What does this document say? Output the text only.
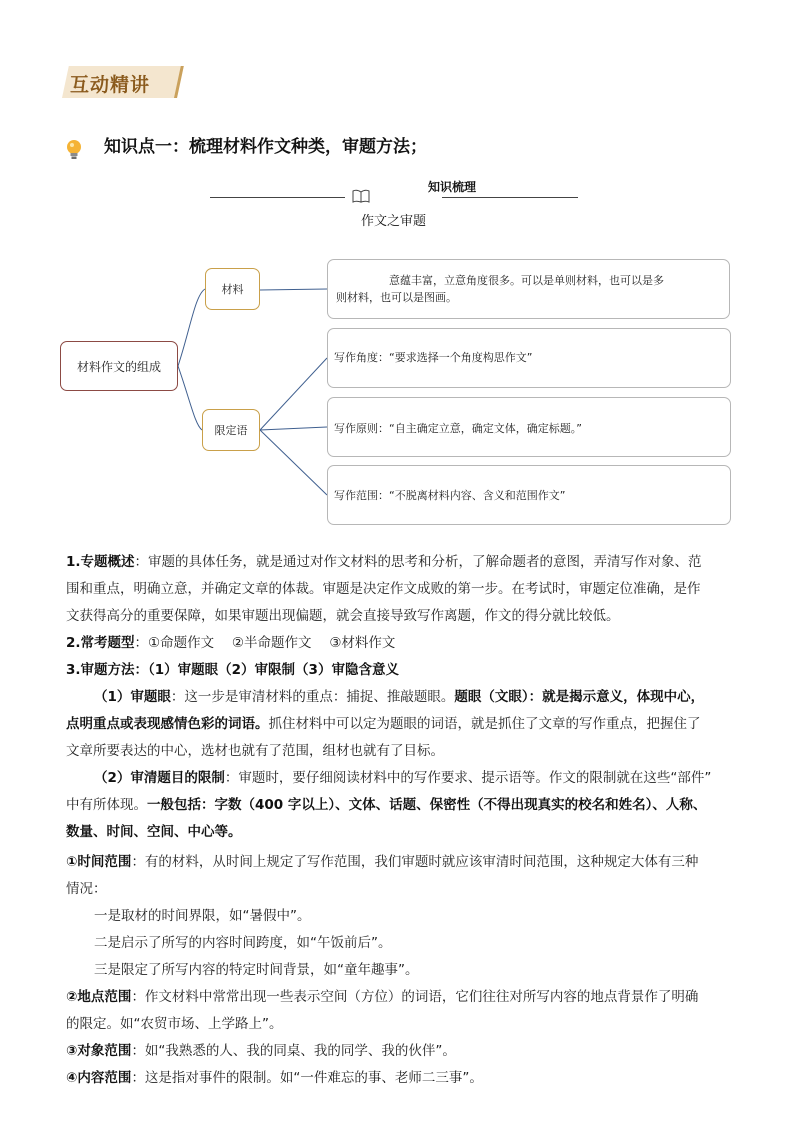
互动精讲
知识点一：梳理材料作文种类，审题方法；
知识梳理
作文之审题
材料作文的组成
材料
限定语
意蕴丰富，立意角度很多。可以是单则材料，也可以是多
则材料，也可以是图画。
写作角度：“要求选择一个角度构思作文”
写作原则：“自主确定立意，确定文体，确定标题。”
写作范围：“不脱离材料内容、含义和范围作文”
1.专题概述：审题的具体任务，就是通过对作文材料的思考和分析，了解命题者的意图，弄清写作对象、范
围和重点，明确立意，并确定文章的体裁。审题是决定作文成败的第一步。在考试时，审题定位准确，是作
文获得高分的重要保障，如果审题出现偏题，就会直接导致写作离题，作文的得分就比较低。
2.常考题型：①命题作文　 ②半命题作文　 ③材料作文
3.审题方法：（1）审题眼（2）审限制（3）审隐含意义
（1）审题眼：这一步是审清材料的重点：捕捉、推敲题眼。题眼（文眼）：就是揭示意义，体现中心，
点明重点或表现感情色彩的词语。抓住材料中可以定为题眼的词语，就是抓住了文章的写作重点，把握住了
文章所要表达的中心，选材也就有了范围，组材也就有了目标。
（2）审清题目的限制：审题时，要仔细阅读材料中的写作要求、提示语等。作文的限制就在这些“部件”
中有所体现。一般包括：字数（400 字以上）、文体、话题、保密性（不得出现真实的校名和姓名）、人称、
数量、时间、空间、中心等。
①时间范围：有的材料，从时间上规定了写作范围，我们审题时就应该审清时间范围，这种规定大体有三种
情况：
一是取材的时间界限，如“暑假中”。
二是启示了所写的内容时间跨度，如“午饭前后”。
三是限定了所写内容的特定时间背景，如“童年趣事”。
②地点范围：作文材料中常常出现一些表示空间（方位）的词语，它们往往对所写内容的地点背景作了明确
的限定。如“农贸市场、上学路上”。
③对象范围：如“我熟悉的人、我的同桌、我的同学、我的伙伴”。
④内容范围：这是指对事件的限制。如“一件难忘的事、老师二三事”。
